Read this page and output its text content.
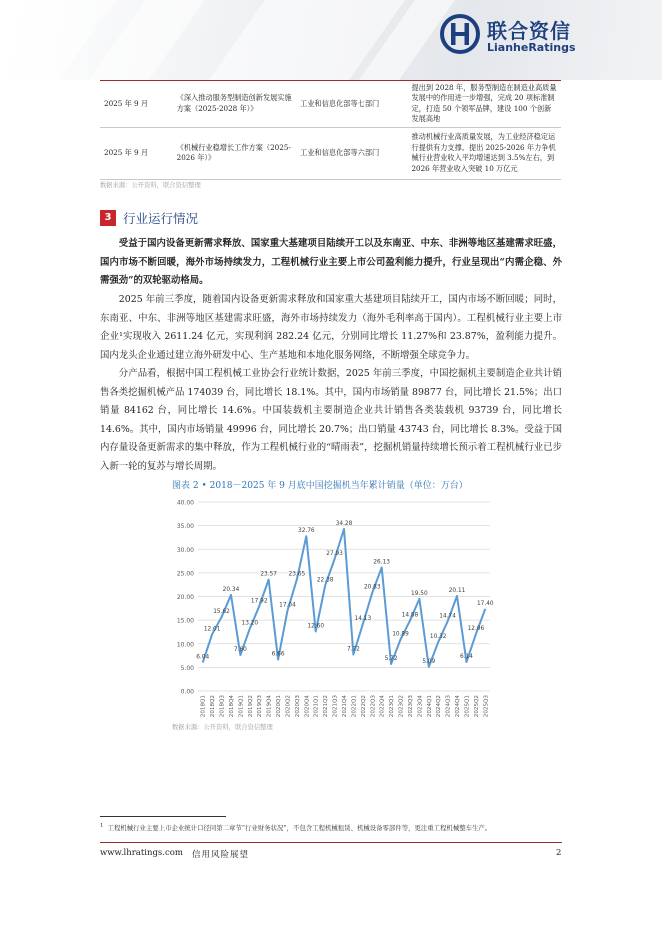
联合资信
LianheRatings
2025 年 9 月	《深入推动服务型制造创新发展实施方案（2025-2028 年）》	工业和信息化部等七部门	提出到 2028 年，服务型制造在制造业高质量发展中的作用进一步增强，完成 20 项标准制定，打造 50 个领军品牌，建设 100 个创新发展高地
2025 年 9 月	《机械行业稳增长工作方案（2025-2026 年）》	工业和信息化部等六部门	推动机械行业高质量发展，为工业经济稳定运行提供有力支撑。提出 2025-2026 年力争机械行业营业收入平均增速达到 3.5%左右，到 2026 年营业收入突破 10 万亿元
数据来源：公开资料，联合资信整理
3 行业运行情况

受益于国内设备更新需求释放、国家重大基建项目陆续开工以及东南亚、中东、非洲等地区基建需求旺盛，国内市场不断回暖，海外市场持续发力，工程机械行业主要上市公司盈利能力提升，行业呈现出“内需企稳、外需强劲”的双轮驱动格局。

2025 年前三季度，随着国内设备更新需求释放和国家重大基建项目陆续开工，国内市场不断回暖；同时，东南亚、中东、非洲等地区基建需求旺盛，海外市场持续发力（海外毛利率高于国内）。工程机械行业主要上市企业¹实现收入 2611.24 亿元，实现利润 282.24 亿元，分别同比增长 11.27%和 23.87%，盈利能力提升。国内龙头企业通过建立海外研发中心、生产基地和本地化服务网络，不断增强全球竞争力。

分产品看，根据中国工程机械工业协会行业统计数据，2025 年前三季度，中国挖掘机主要制造企业共计销售各类挖掘机械产品 174039 台，同比增长 18.1%。其中，国内市场销量 89877 台，同比增长 21.5%；出口销量 84162 台，同比增长 14.6%。中国装载机主要制造企业共计销售各类装载机 93739 台，同比增长 14.6%。其中，国内市场销量 49996 台，同比增长 20.7%；出口销量 43743 台，同比增长 8.3%。受益于国内存量设备更新需求的集中释放，作为工程机械行业的“晴雨表”，挖掘机销量持续增长预示着工程机械行业已步入新一轮的复苏与增长周期。

图表 2 • 2018－2025 年 9 月底中国挖掘机当年累计销量（单位：万台）
0.00
5.00
10.00
15.00
20.00
25.00
30.00
35.00
40.00
2018Q1 2018Q2 2018Q3 2018Q4 2019Q1 2019Q2 2019Q3 2019Q4 2020Q1 2020Q2 2020Q3 2020Q4 2021Q1 2021Q2 2021Q3 2021Q4 2022Q1 2022Q2 2022Q3 2022Q4 2023Q1 2023Q2 2023Q3 2023Q4 2024Q1 2024Q2 2024Q3 2024Q4 2025Q1 2025Q2 2025Q3
6.04
12.01
15.62
20.34
7.60
13.20
17.92
23.57
6.66
17.04
23.65
32.76
12.60
22.38
27.93
34.28
7.72
14.13
20.83
26.13
5.72
10.89
14.88
19.50
5.09
10.32
14.74
20.11
6.14
12.06
17.40
数据来源：公开资料，联合资信整理
$^1$ 工程机械行业主要上市企业统计口径同第二章节“行业财务状况”，不包含工程机械租赁、机械设备零部件等，更注重工程机械整车生产。
www.lhratings.com 信用风险展望	2
